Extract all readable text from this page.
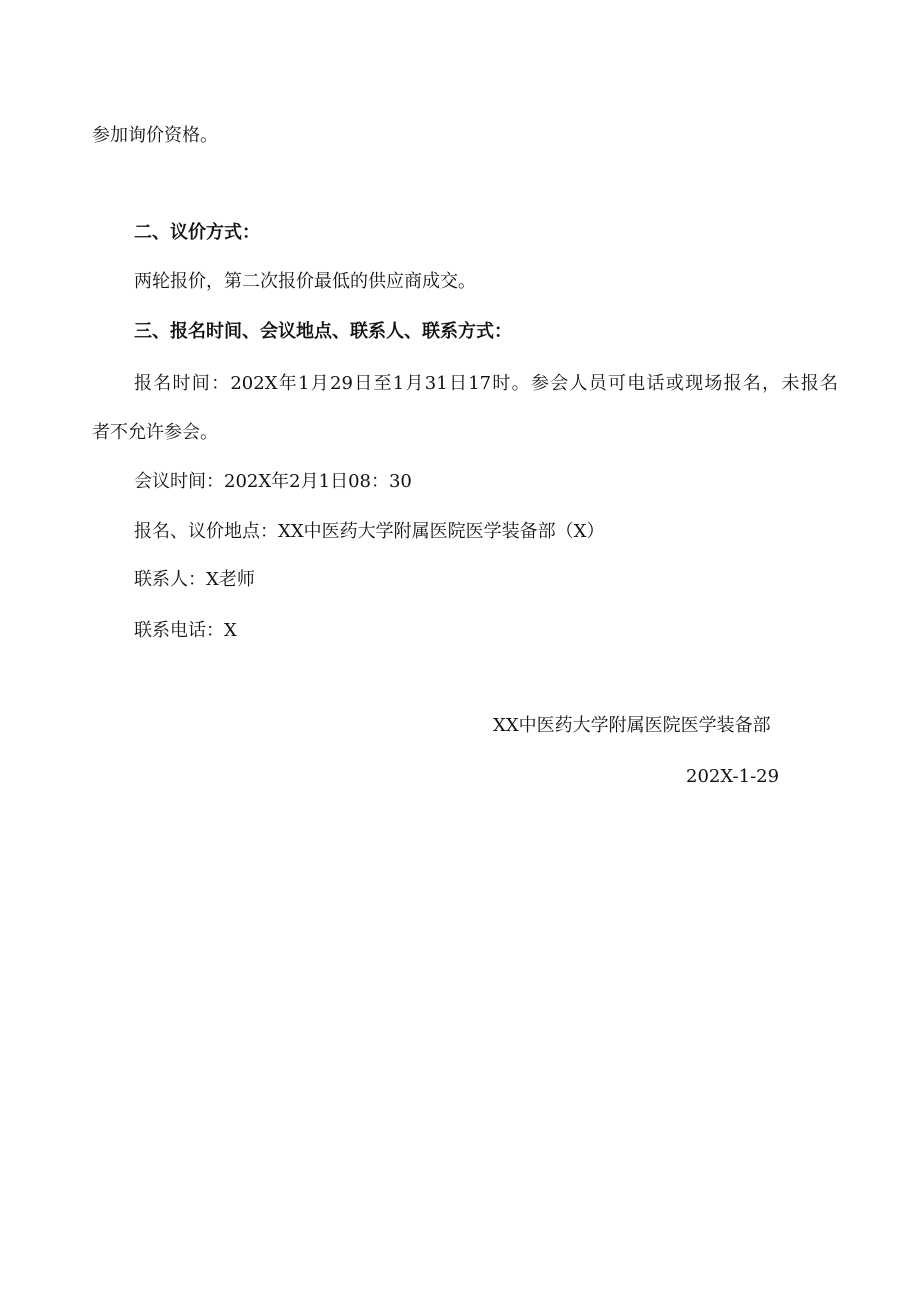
参加询价资格。
二、议价方式：
两轮报价，第二次报价最低的供应商成交。
三、报名时间、会议地点、联系人、联系方式：
报名时间：202X年1月29日至1月31日17时。参会人员可电话或现场报名，未报名
者不允许参会。
会议时间：202X年2月1日08：30
报名、议价地点：XX中医药大学附属医院医学装备部（X）
联系人：X老师
联系电话：X
XX中医药大学附属医院医学装备部
202X-1-29
